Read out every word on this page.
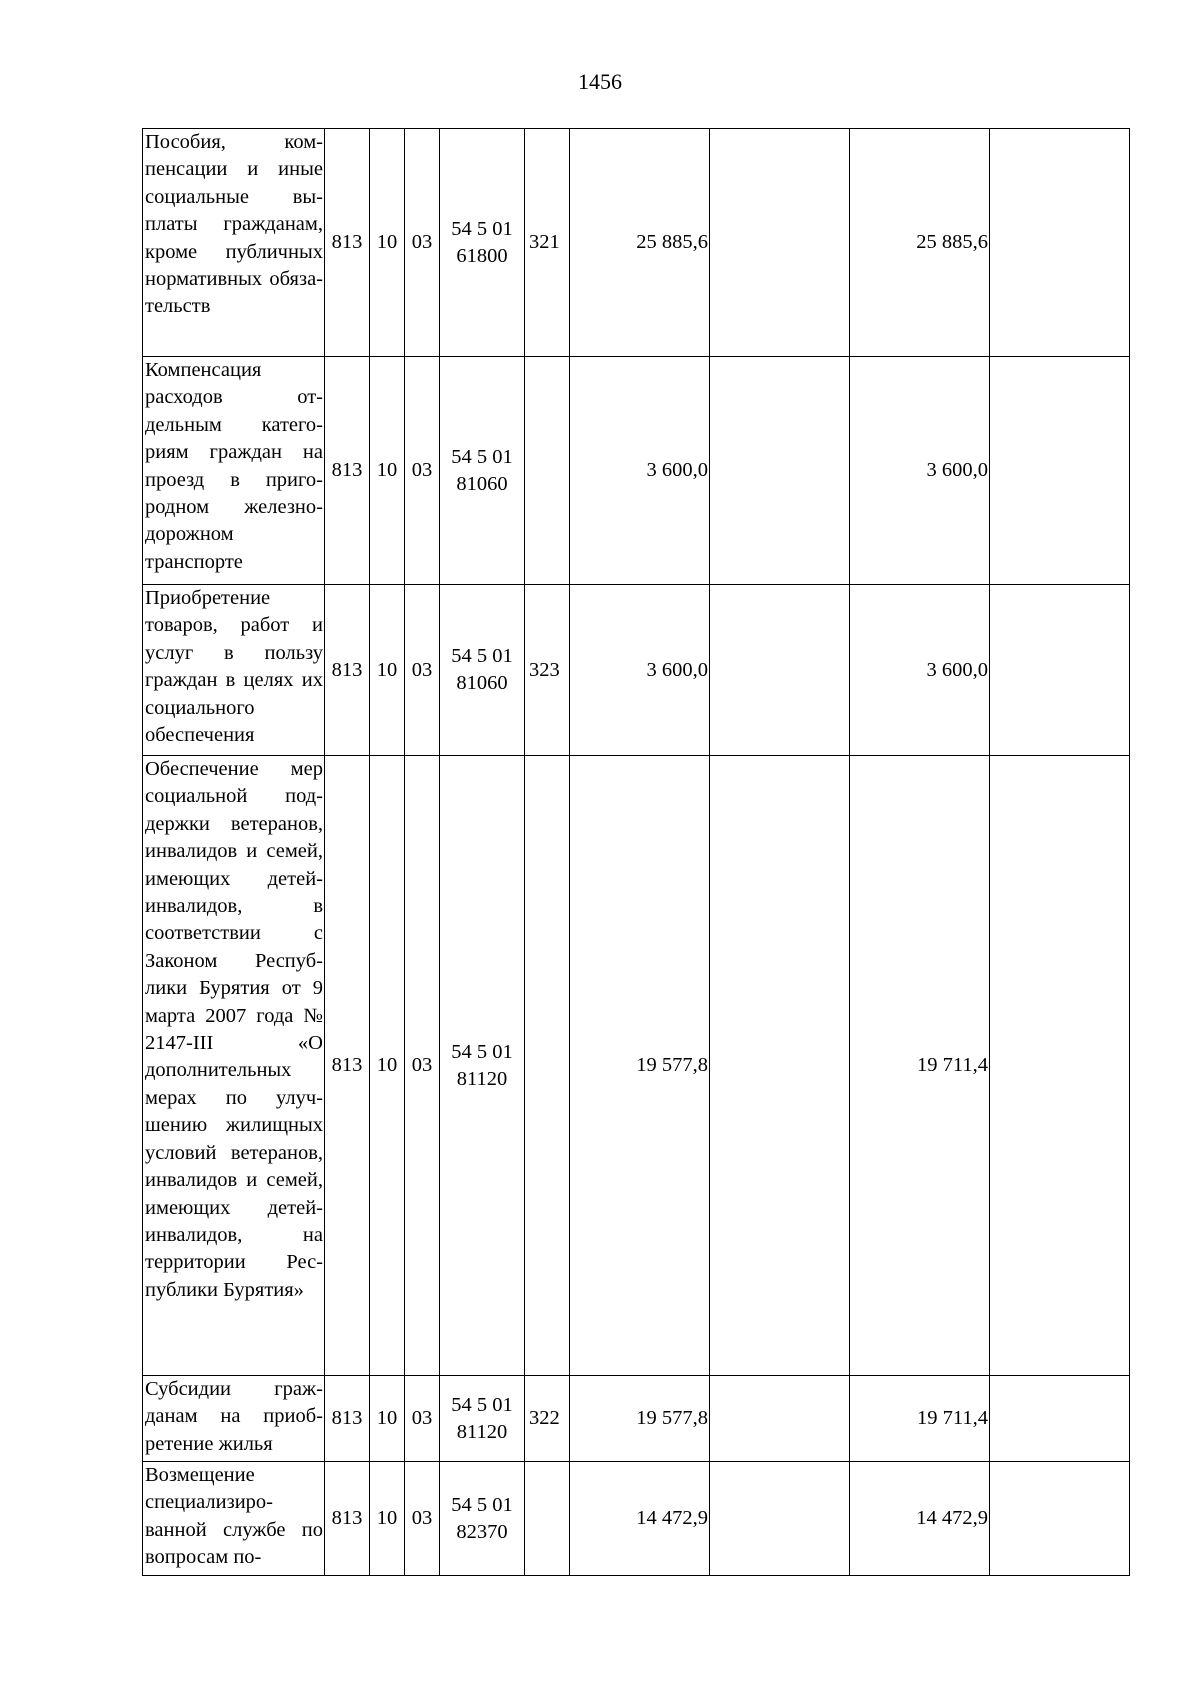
1456
Пособия, компенсации и иные социальные выплаты гражданам, кроме публичных нормативных обязательств	813	10	03	54 5 01 61800	321	25 885,6		25 885,6	
Компенсация расходов отдельным категориям граждан на проезд в пригородном железнодорожном транспорте	813	10	03	54 5 01 81060		3 600,0		3 600,0	
Приобретение товаров, работ и услуг в пользу граждан в целях их социального обеспечения	813	10	03	54 5 01 81060	323	3 600,0		3 600,0	
Обеспечение мер социальной поддержки ветеранов, инвалидов и семей, имеющих детей-инвалидов, в соответствии с Законом Республики Бурятия от 9 марта 2007 года № 2147-III «О дополнительных мерах по улучшению жилищных условий ветеранов, инвалидов и семей, имеющих детей-инвалидов, на территории Республики Бурятия»	813	10	03	54 5 01 81120		19 577,8		19 711,4	
Субсидии гражданам на приобретение жилья	813	10	03	54 5 01 81120	322	19 577,8		19 711,4	
Возмещение специализированной службе по вопросам по-	813	10	03	54 5 01 82370		14 472,9		14 472,9	
